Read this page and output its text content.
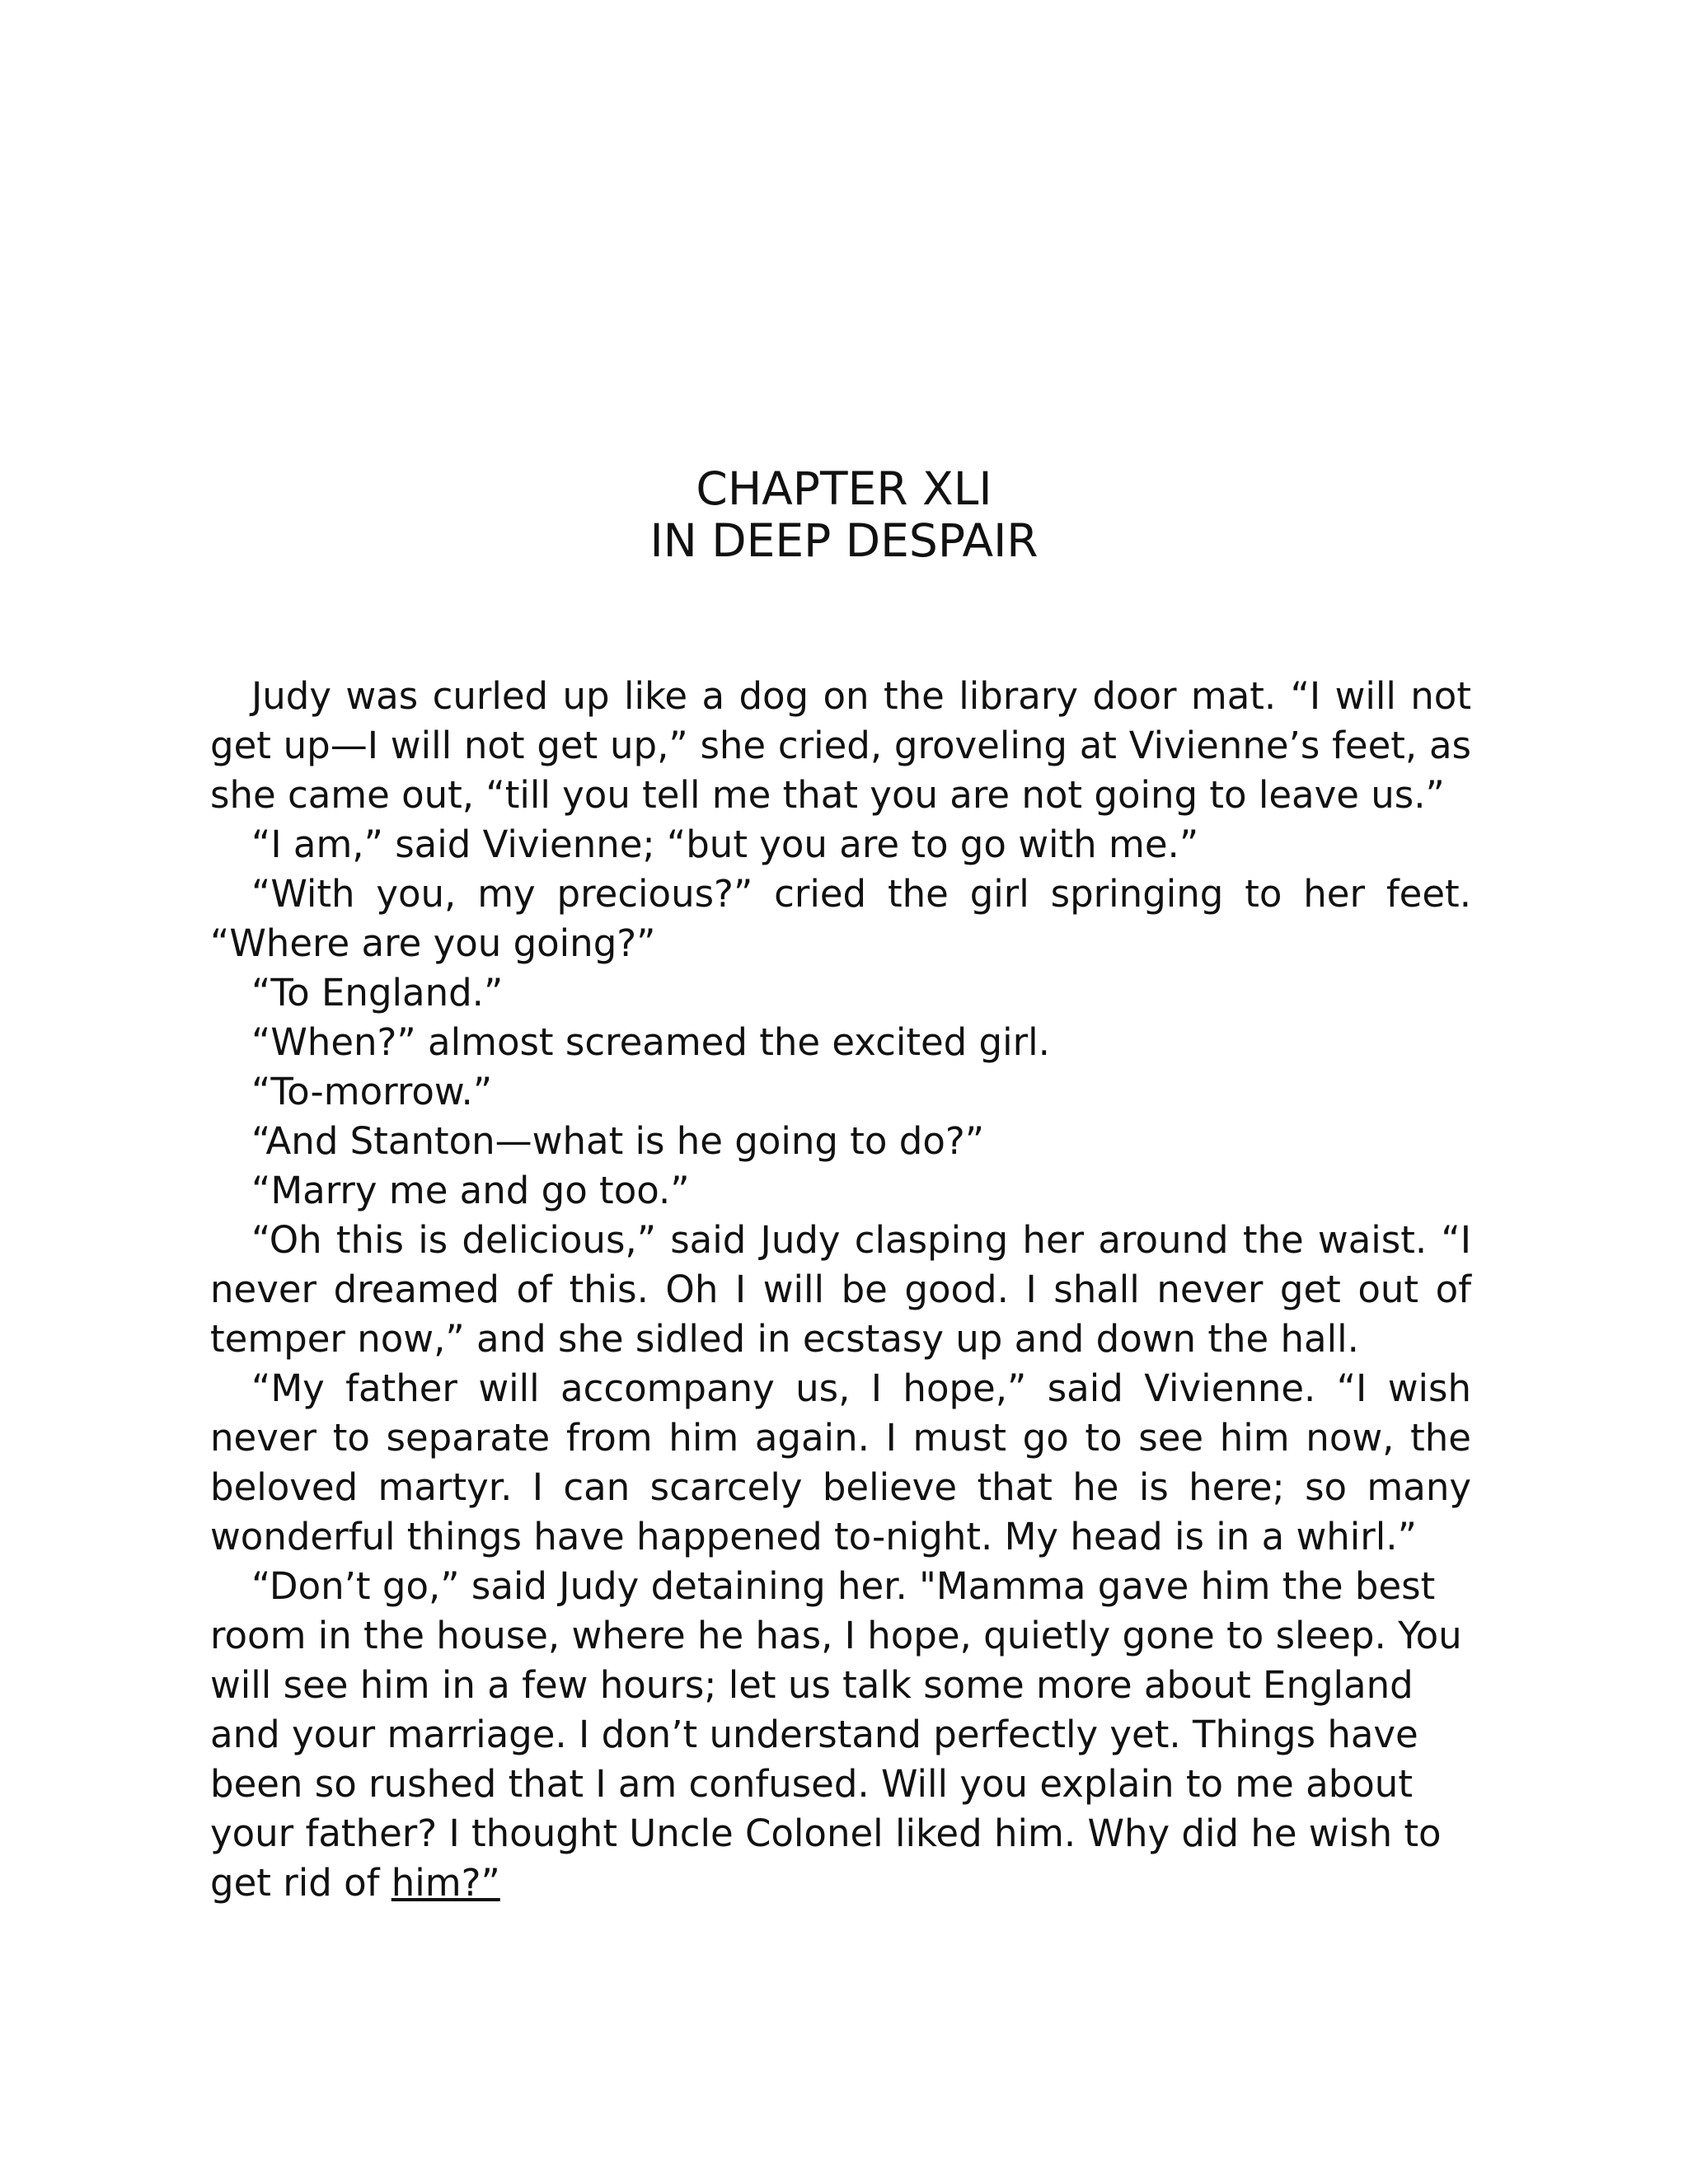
CHAPTER XLI
IN DEEP DESPAIR

Judy was curled up like a dog on the library door mat. “I will not get up—I will not get up,” she cried, groveling at Vivienne’s feet, as she came out, “till you tell me that you are not going to leave us.”

“I am,” said Vivienne; “but you are to go with me.”

“With you, my precious?” cried the girl springing to her feet. “Where are you going?”

“To England.”

“When?” almost screamed the excited girl.

“To-morrow.”

“And Stanton—what is he going to do?”

“Marry me and go too.”

“Oh this is delicious,” said Judy clasping her around the waist. “I never dreamed of this. Oh I will be good. I shall never get out of temper now,” and she sidled in ecstasy up and down the hall.

“My father will accompany us, I hope,” said Vivienne. “I wish never to separate from him again. I must go to see him now, the beloved martyr. I can scarcely believe that he is here; so many wonderful things have happened to-night. My head is in a whirl.”

“Don’t go,” said Judy detaining her. "Mamma gave him the best room in the house, where he has, I hope, quietly gone to sleep. You will see him in a few hours; let us talk some more about England and your marriage. I don’t understand perfectly yet. Things have been so rushed that I am confused. Will you explain to me about your father? I thought Uncle Colonel liked him. Why did he wish to get rid of him?”
